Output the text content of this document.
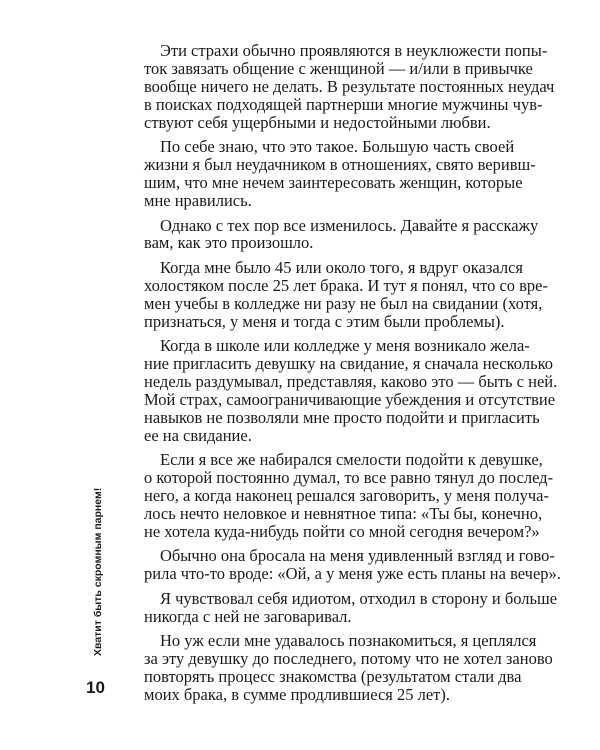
Хватит быть скромным парнем!
10
Эти страхи обычно проявляются в неуклюжести попы-
ток завязать общение с женщиной — и/или в привычке
вообще ничего не делать. В результате постоянных неудач
в поисках подходящей партнерши многие мужчины чув-
ствуют себя ущербными и недостойными любви.
По себе знаю, что это такое. Большую часть своей
жизни я был неудачником в отношениях, свято веривш-
шим, что мне нечем заинтересовать женщин, которые
мне нравились.
Однако с тех пор все изменилось. Давайте я расскажу
вам, как это произошло.
Когда мне было 45 или около того, я вдруг оказался
холостяком после 25 лет брака. И тут я понял, что со вре-
мен учебы в колледже ни разу не был на свидании (хотя,
признаться, у меня и тогда с этим были проблемы).
Когда в школе или колледже у меня возникало жела-
ние пригласить девушку на свидание, я сначала несколько
недель раздумывал, представляя, каково это — быть с ней.
Мой страх, самоограничивающие убеждения и отсутствие
навыков не позволяли мне просто подойти и пригласить
ее на свидание.
Если я все же набирался смелости подойти к девушке,
о которой постоянно думал, то все равно тянул до послед-
него, а когда наконец решался заговорить, у меня получа-
лось нечто неловкое и невнятное типа: «Ты бы, конечно,
не хотела куда-нибудь пойти со мной сегодня вечером?»
Обычно она бросала на меня удивленный взгляд и гово-
рила что-то вроде: «Ой, а у меня уже есть планы на вечер».
Я чувствовал себя идиотом, отходил в сторону и больше
никогда с ней не заговаривал.
Но уж если мне удавалось познакомиться, я цеплялся
за эту девушку до последнего, потому что не хотел заново
повторять процесс знакомства (результатом стали два
моих брака, в сумме продлившиеся 25 лет).
